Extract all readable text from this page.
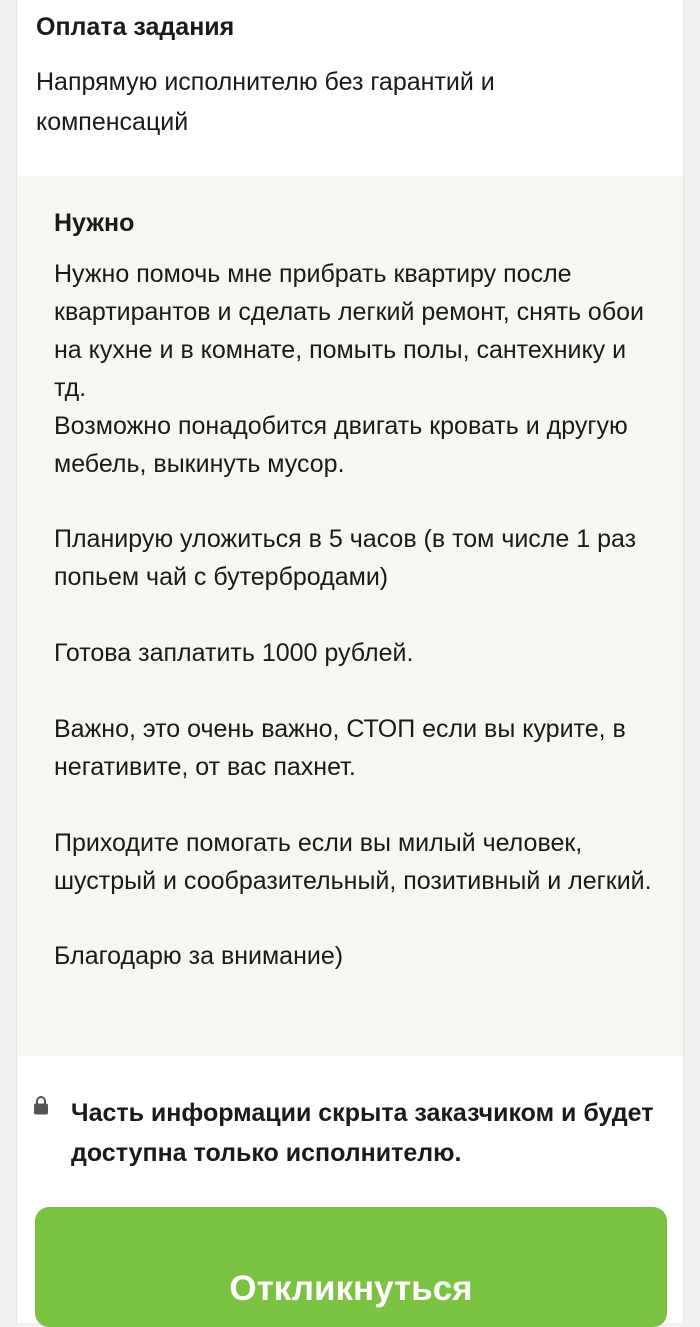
Оплата задания
Напрямую исполнителю без гарантий и компенсаций
Нужно

Нужно помочь мне прибрать квартиру после квартирантов и сделать легкий ремонт, снять обои на кухне и в комнате, помыть полы, сантехнику и тд.
Возможно понадобится двигать кровать и другую мебель, выкинуть мусор.

Планирую уложиться в 5 часов (в том числе 1 раз попьем чай с бутербродами)

Готова заплатить 1000 рублей.

Важно, это очень важно, СТОП если вы курите, в негативите, от вас пахнет.

Приходите помогать если вы милый человек, шустрый и сообразительный, позитивный и легкий.

Благодарю за внимание)

Часть информации скрыта заказчиком и будет доступна только исполнителю.
Откликнуться
